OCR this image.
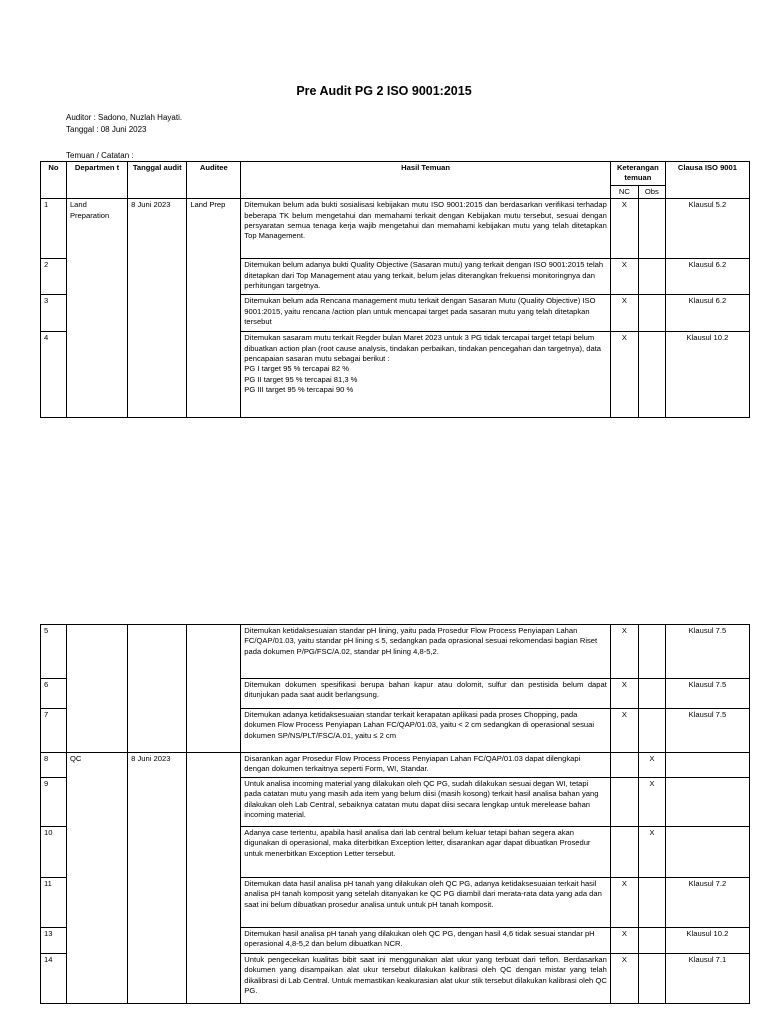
Pre Audit PG 2 ISO 9001:2015
Auditor : Sadono, Nuzlah Hayati.
Tanggal : 08 Juni 2023
Temuan / Catatan :
No	Departmen t	Tanggal audit	Auditee	Hasil Temuan	Keterangan temuan		Clausa ISO 9001
					NC	Obs	
1	Land Preparation	8 Juni 2023	Land Prep	Ditemukan belum ada bukti sosialisasi kebijakan mutu ISO 9001:2015 dan berdasarkan verifikasi terhadap beberapa TK belum mengetahui dan memahami terkait dengan Kebijakan mutu tersebut, sesuai dengan persyaratan semua tenaga kerja wajib mengetahui dan memahami kebijakan mutu yang telah ditetapkan Top Management.	X		Klausul 5.2
2				Ditemukan belum adanya bukti Quality Objective (Sasaran mutu) yang terkait dengan ISO 9001:2015 telah ditetapkan dari Top Management atau yang terkait, belum jelas diterangkan frekuensi monitoringnya dan perhitungan targetnya.	X		Klausul 6.2
3				Ditemukan belum ada Rencana management mutu terkait dengan Sasaran Mutu (Quality Objective) ISO 9001:2015, yaitu rencana /action plan untuk mencapai target pada sasaran mutu yang telah ditetapkan tersebut	X		Klausul 6.2
4				Ditemukan sasaram mutu terkait Regder bulan Maret 2023 untuk 3 PG tidak tercapai target tetapi belum dibuatkan action plan (root cause analysis, tindakan perbaikan, tindakan pencegahan dan targetnya), data pencapaian sasaran mutu sebagai berikut :
PG I target 95 % tercapai 82 %
PG II target 95 % tercapai 81,3 %
PG III target 95 % tercapai 90 %	X		Klausul 10.2
5				Ditemukan ketidaksesuaian standar pH lining, yaitu pada Prosedur Flow Process Penyiapan Lahan FC/QAP/01.03, yaitu standar pH lining ≤ 5, sedangkan pada oprasional sesuai rekomendasi bagian Riset pada dokumen P/PG/FSC/A.02, standar pH lining 4,8-5,2.	X		Klausul 7.5
6				Ditemukan dokumen spesifikasi berupa bahan kapur atau dolomit, sulfur dan pestisida belum dapat ditunjukan pada saat audit berlangsung.	X		Klausul 7.5
7				Ditemukan adanya ketidaksesuaian standar terkait kerapatan aplikasi pada proses Chopping, pada dokumen Flow Process Penyiapan Lahan FC/QAP/01.03, yaitu < 2 cm sedangkan di operasional sesuai dokumen SP/NS/PLT/FSC/A.01, yaitu ≤ 2 cm	X		Klausul 7.5
8	QC	8 Juni 2023		Disarankan agar Prosedur Flow Process Process Penyiapan Lahan FC/QAP/01.03 dapat dilengkapi dengan dokumen terkaitnya seperti Form, WI, Standar.		X	
9				Untuk analisa incoming material yang dilakukan oleh QC PG, sudah dilakukan sesuai degan WI, tetapi pada catatan mutu yang masih ada item yang belum diisi (masih kosong) terkait hasil analisa bahan yang dilakukan oleh Lab Central, sebaiknya catatan mutu dapat diisi secara lengkap untuk merelease bahan incoming material.		X	
10				Adanya case tertentu, apabila hasil analisa dari lab central belum keluar tetapi bahan segera akan digunakan di operasional, maka diterbitkan Exception letter, disarankan agar dapat dibuatkan Prosedur untuk menerbitkan Exception Letter tersebut.		X	
11				Ditemukan data hasil analisa pH tanah yang dilakukan oleh QC PG, adanya ketidaksesuaian terkait hasil analisa pH tanah komposit yang setelah ditanyakan ke QC PG diambil dari merata-rata data yang ada dan saat ini belum dibuatkan prosedur analisa untuk untuk pH tanah komposit.	X		Klausul 7.2
13				Ditemukan hasil analisa pH tanah yang dilakukan oleh QC PG, dengan hasil 4,6 tidak sesuai standar pH operasional 4,8-5,2 dan belum dibuatkan NCR.	X		Klausul 10.2
14				Untuk pengecekan kualitas bibit saat ini menggunakan alat ukur yang terbuat dari teflon. Berdasarkan dokumen yang disampaikan alat ukur tersebut dilakukan kalibrasi oleh QC dengan mistar yang telah dikalibrasi di Lab Central. Untuk memastikan keakurasian alat ukur stik tersebut dilakukan kalibrasi oleh QC PG.	X		Klausul 7.1
